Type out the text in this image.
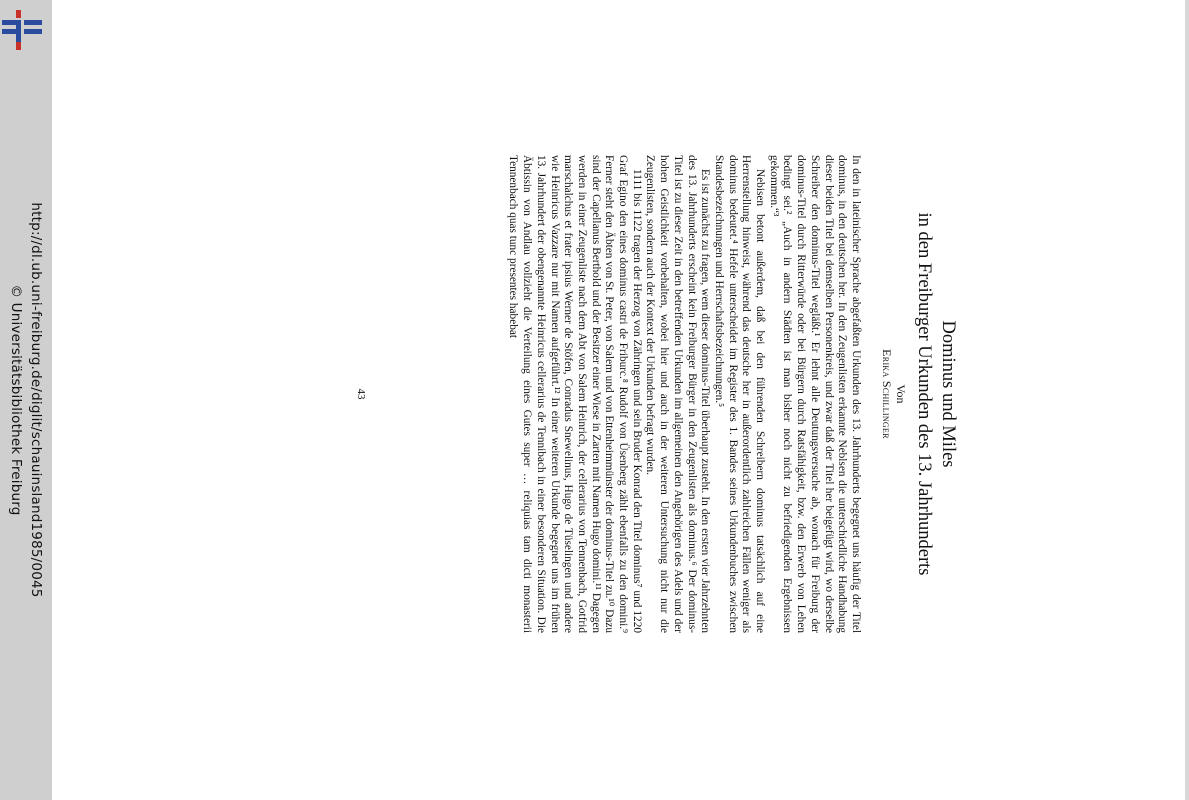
http://dl.ub.uni-freiburg.de/diglit/schauinsland1985/0045
© Universitätsbibliothek Freiburg	Dominus und Miles
in den Freiburger Urkunden des 13. Jahrhunderts
Von
Erika Schillinger

In den in lateinischer Sprache abgefaßten Urkunden des 13. Jahrhunderts begegnet uns häufig der Titel dominus, in den deutschen her. In den Zeugenlisten erkannte Neblsen die unterschiedliche Handhabung dieser beiden Titel bei demselben Personenkreis, und zwar daß der Titel her beigefügt wird, wo derselbe Schreiber den dominus-Titel wegläßt.¹ Er lehnt alle Deutungsversuche ab, wonach für Freiburg der dominus-Titel durch Ritterwürde oder bei Bürgern durch Ratsfähigkeit, bzw. den Erwerb von Lehen bedingt sei.² „Auch in andern Städten ist man bisher noch nicht zu befriedigenden Ergebnissen gekommen.“³

Nebisen betont außerdem, daß bei den führenden Schreibern dominus tatsächlich auf eine Herrenstellung hinweist, während das deutsche her in außerordentlich zahlreichen Fällen weniger als dominus bedeutet.⁴ Hefele unterscheidet im Register des 1. Bandes seines Urkundenbuches zwischen Standesbezeichnungen und Herrschaftsbezeichnungen.⁵

Es ist zunächst zu fragen, wem dieser dominus-Titel überhaupt zusteht. In den ersten vier Jahrzehnten des 13. Jahrhunderts erscheint kein Freiburger Bürger in den Zeugenlisten als dominus.⁶ Der dominus-Titel ist zu dieser Zeit in den betreffenden Urkunden im allgemeinen den Angehörigen des Adels und der hohen Geistlichkeit vorbehalten, wobei hier und auch in der weiteren Untersuchung nicht nur die Zeugenlisten, sondern auch der Kontext der Urkunden befragt wurden.

1111 bis 1122 tragen der Herzog von Zähringen und sein Bruder Konrad den Titel dominus⁷ und 1220 Graf Egino den eines dominus castri de Friburc.⁸ Rudolf von Üsenberg zählt ebenfalls zu den domini.⁹ Ferner steht den Äbten von St. Peter, von Salem und von Ettenheimmünster der dominus-Titel zu.¹⁰ Dazu sind der Capellanus Berthold und der Besitzer einer Wiese in Zarten mit Namen Hugo domini.¹¹ Dagegen werden in einer Zeugenliste nach dem Abt von Salem Heinrich, der cellerarius von Tennenbach, Gotfrid marschalchus et frater ipsius Werner de Stöfen, Conradus Snewelinus, Hugo de Tüselingen und andere wie Heinricus Vazzare nur mit Namen aufgeführt.¹² In einer weiteren Urkunde begegnet uns im frühen 13. Jahrhundert der obengenannte Heinricus cellerarius de Tennibach in einer besonderen Situation. Die Äbtissin von Andlau vollzieht die Verteilung eines Gutes super … reliquias tam dicti monasterii Tennenbach quas tunc presentes habebat

43
